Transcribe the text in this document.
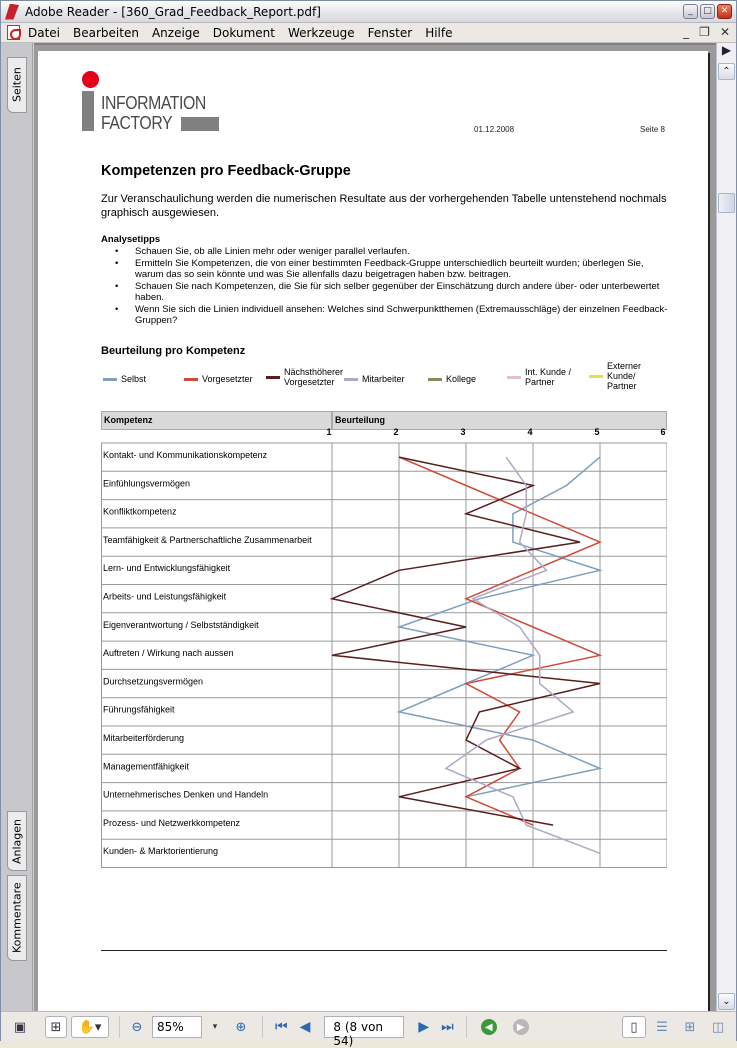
Adobe Reader - [360_Grad_Feedback_Report.pdf]	_	□ ✕
Datei Bearbeiten Anzeige Dokument Werkzeuge Fenster Hilfe	_ ❐ ✕
Seiten
Anlagen
Kommentare
INFORMATION
FACTORY	01.12.2008	Seite 8
Kompetenzen pro Feedback-Gruppe
Zur Veranschaulichung werden die numerischen Resultate aus der vorhergehenden Tabelle untenstehend nochmals graphisch ausgewiesen.
Analysetipps
• Schauen Sie, ob alle Linien mehr oder weniger parallel verlaufen.
• Ermitteln Sie Kompetenzen, die von einer bestimmten Feedback-Gruppe unterschiedlich beurteilt wurden; überlegen Sie, warum das so sein könnte und was Sie allenfalls dazu beigetragen haben bzw. beitragen.
• Schauen Sie nach Kompetenzen, die Sie für sich selber gegenüber der Einschätzung durch andere über- oder unterbewertet haben.
• Wenn Sie sich die Linien individuell ansehen: Welches sind Schwerpunktthemen (Extremausschläge) der einzelnen Feedback-Gruppen?
Beurteilung pro Kompetenz
Selbst	Vorgesetzter
Nächsthöherer Vorgesetzter	Mitarbeiter	Kollege
Int. Kunde / Partner
Externer Kunde/ Partner
Kompetenz	Beurteilung
1	2	3	4	5	6
Kontakt- und Kommunikationskompetenz
Einfühlungsvermögen
Konfliktkompetenz
Teamfähigkeit & Partnerschaftliche Zusammenarbeit
Lern- und Entwicklungsfähigkeit
Arbeits- und Leistungsfähigkeit
Eigenverantwortung / Selbstständigkeit
Auftreten / Wirkung nach aussen
Durchsetzungsvermögen
Führungsfähigkeit
Mitarbeiterförderung
Managementfähigkeit
Unternehmerisches Denken und Handeln
Prozess- und Netzwerkkompetenz
Kunden- & Marktorientierung
▶
⌃
⌄
▣	⊞	✋▾	⊖	85%	▾	⊕	⏮ ◀	8 (8 von 54)
▶ ⏭	◀	▶	▯	☰	⊞	◫
